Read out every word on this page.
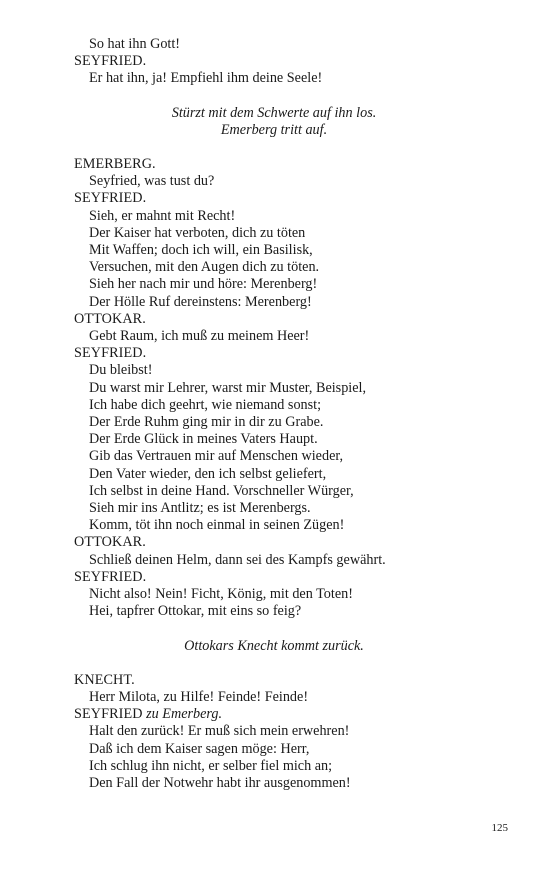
So hat ihn Gott!
SEYFRIED.
Er hat ihn, ja! Empfiehl ihm deine Seele!
Stürzt mit dem Schwerte auf ihn los.
Emerberg tritt auf.
EMERBERG.
Seyfried, was tust du?
SEYFRIED.
Sieh, er mahnt mit Recht!
Der Kaiser hat verboten, dich zu töten
Mit Waffen; doch ich will, ein Basilisk,
Versuchen, mit den Augen dich zu töten.
Sieh her nach mir und höre: Merenberg!
Der Hölle Ruf dereinstens: Merenberg!
OTTOKAR.
Gebt Raum, ich muß zu meinem Heer!
SEYFRIED.
Du bleibst!
Du warst mir Lehrer, warst mir Muster, Beispiel,
Ich habe dich geehrt, wie niemand sonst;
Der Erde Ruhm ging mir in dir zu Grabe.
Der Erde Glück in meines Vaters Haupt.
Gib das Vertrauen mir auf Menschen wieder,
Den Vater wieder, den ich selbst geliefert,
Ich selbst in deine Hand. Vorschneller Würger,
Sieh mir ins Antlitz; es ist Merenbergs.
Komm, töt ihn noch einmal in seinen Zügen!
OTTOKAR.
Schließ deinen Helm, dann sei des Kampfs gewährt.
SEYFRIED.
Nicht also! Nein! Ficht, König, mit den Toten!
Hei, tapfrer Ottokar, mit eins so feig?
Ottokars Knecht kommt zurück.
KNECHT.
Herr Milota, zu Hilfe! Feinde! Feinde!
SEYFRIED zu Emerberg.
Halt den zurück! Er muß sich mein erwehren!
Daß ich dem Kaiser sagen möge: Herr,
Ich schlug ihn nicht, er selber fiel mich an;
Den Fall der Notwehr habt ihr ausgenommen!
125
